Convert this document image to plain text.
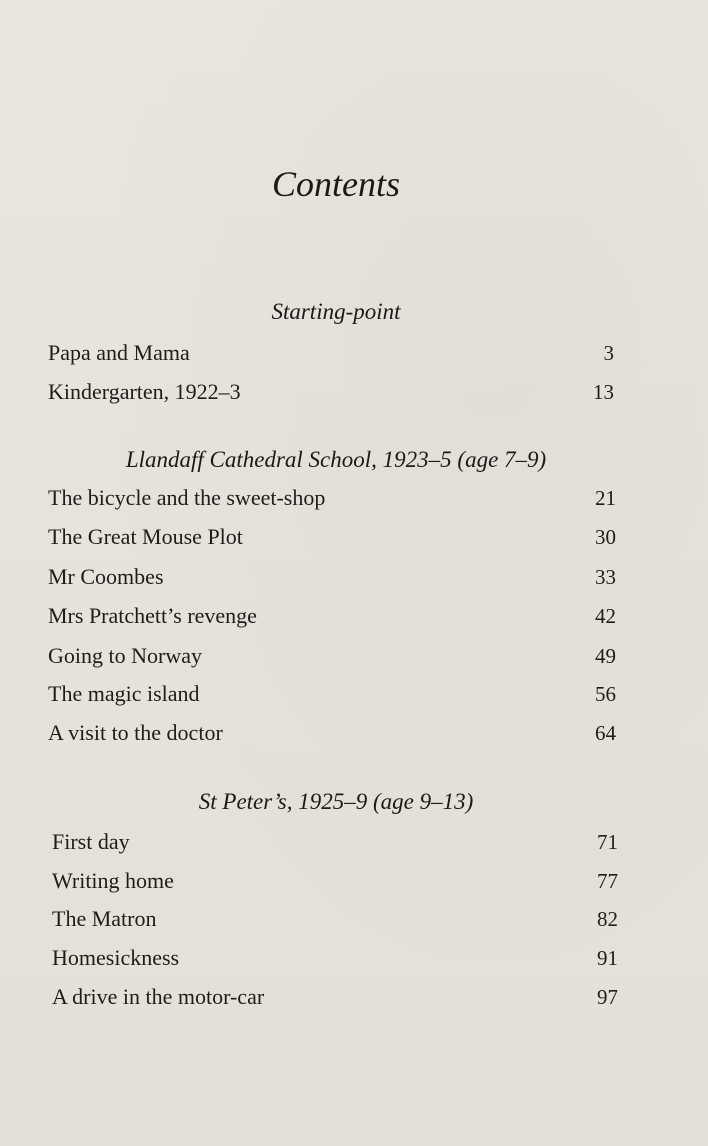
Contents
Starting-point
Papa and Mama	3
Kindergarten, 1922–3	13
Llandaff Cathedral School, 1923–5 (age 7–9)
The bicycle and the sweet-shop	21
The Great Mouse Plot	30
Mr Coombes	33
Mrs Pratchett’s revenge	42
Going to Norway	49
The magic island	56
A visit to the doctor	64
St Peter’s, 1925–9 (age 9–13)
First day	71
Writing home	77
The Matron	82
Homesickness	91
A drive in the motor-car	97
